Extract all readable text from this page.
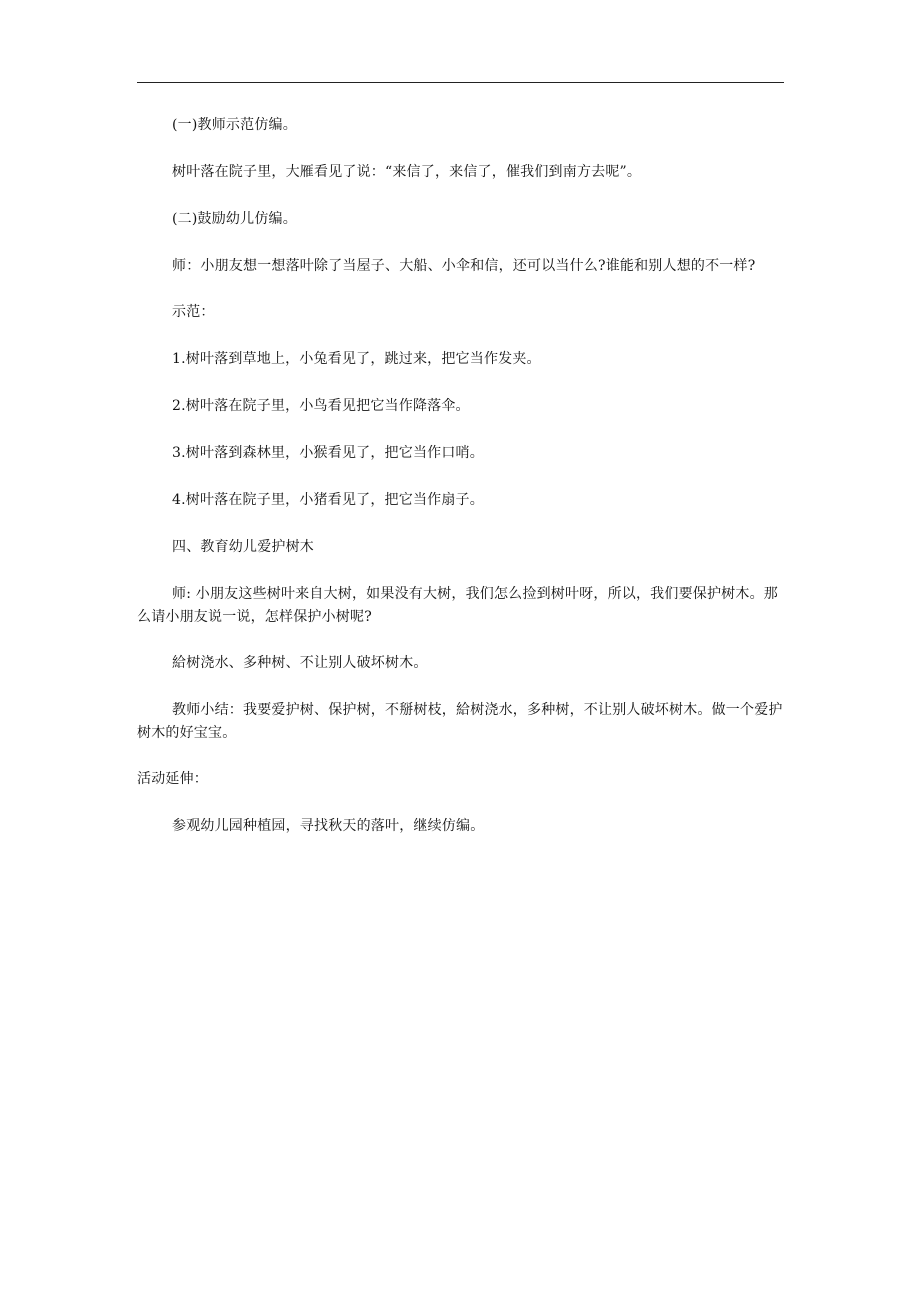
(一)教师示范仿编。

树叶落在院子里，大雁看见了说：“来信了，来信了，催我们到南方去呢”。

(二)鼓励幼儿仿编。

师：小朋友想一想落叶除了当屋子、大船、小伞和信，还可以当什么?谁能和别人想的不一样?

示范：

1.树叶落到草地上，小兔看见了，跳过来，把它当作发夹。

2.树叶落在院子里，小鸟看见把它当作降落伞。

3.树叶落到森林里，小猴看见了，把它当作口哨。

4.树叶落在院子里，小猪看见了，把它当作扇子。

四、教育幼儿爱护树木

师: 小朋友这些树叶来自大树，如果没有大树，我们怎么捡到树叶呀，所以，我们要保护树木。那么请小朋友说一说，怎样保护小树呢?

給树浇水、多种树、不让别人破坏树木。

教师小结：我要爱护树、保护树，不掰树枝，給树浇水，多种树，不让别人破坏树木。做一个爱护树木的好宝宝。

活动延伸：

参观幼儿园种植园，寻找秋天的落叶，继续仿编。
